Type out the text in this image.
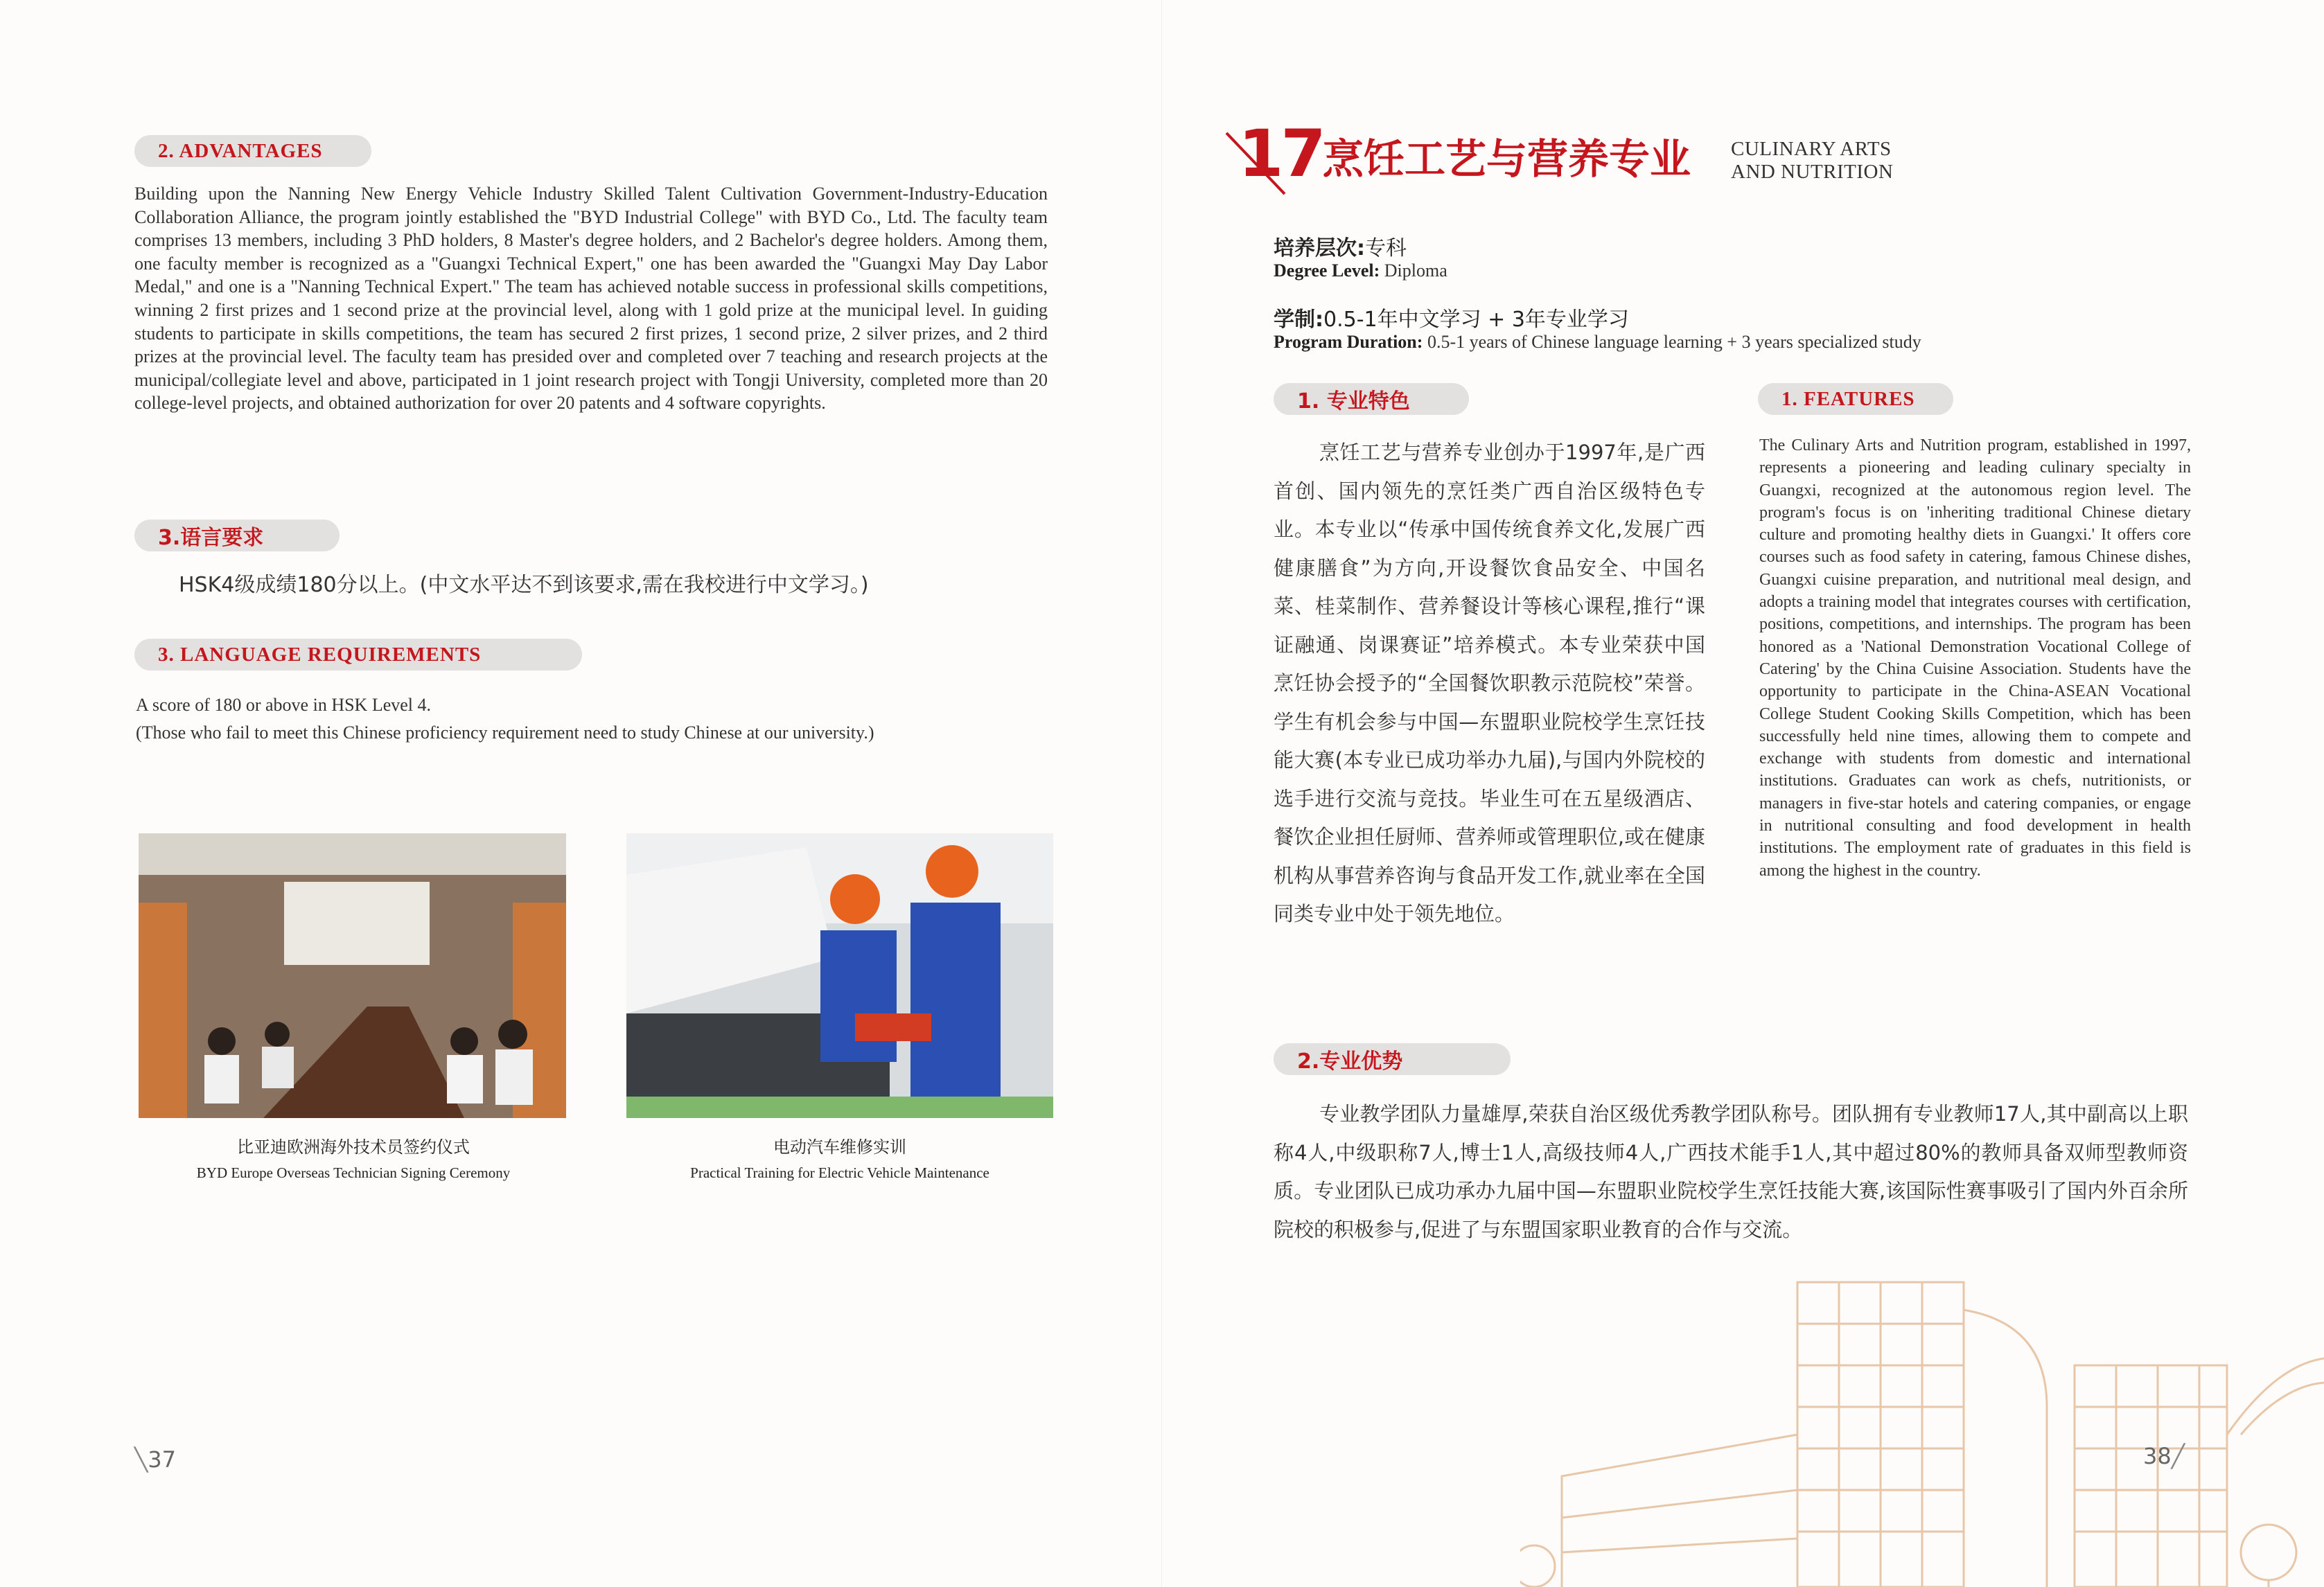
2. ADVANTAGES

Building upon the Nanning New Energy Vehicle Industry Skilled Talent Cultivation Government-Industry-Education Collaboration Alliance, the program jointly established the "BYD Industrial College" with BYD Co., Ltd. The faculty team comprises 13 members, including 3 PhD holders, 8 Master's degree holders, and 2 Bachelor's degree holders. Among them, one faculty member is recognized as a "Guangxi Technical Expert," one has been awarded the "Guangxi May Day Labor Medal," and one is a "Nanning Technical Expert." The team has achieved notable success in professional skills competitions, winning 2 first prizes and 1 second prize at the provincial level, along with 1 gold prize at the municipal level. In guiding students to participate in skills competitions, the team has secured 2 first prizes, 1 second prize, 2 silver prizes, and 2 third prizes at the provincial level. The faculty team has presided over and completed over 7 teaching and research projects at the municipal/collegiate level and above, participated in 1 joint research project with Tongji University, completed more than 20 college-level projects, and obtained authorization for over 20 patents and 4 software copyrights.

3.语言要求

HSK4级成绩180分以上。(中文水平达不到该要求,需在我校进行中文学习。)

3. LANGUAGE REQUIREMENTS

A score of 180 or above in HSK Level 4.

(Those who fail to meet this Chinese proficiency requirement need to study Chinese at our university.)

比亚迪欧洲海外技术员签约仪式
BYD Europe Overseas Technician Signing Ceremony
电动汽车维修实训
Practical Training for Electric Vehicle Maintenance
╲37
17 烹饪工艺与营养专业 CULINARY ARTS
AND NUTRITION
培养层次:专科
Degree Level: Diploma
学制:0.5-1年中文学习 + 3年专业学习
Program Duration: 0.5-1 years of Chinese language learning + 3 years specialized study
1. 专业特色	1. FEATURES

烹饪工艺与营养专业创办于1997年,是广西首创、国内领先的烹饪类广西自治区级特色专业。本专业以“传承中国传统食养文化,发展广西健康膳食”为方向,开设餐饮食品安全、中国名菜、桂菜制作、营养餐设计等核心课程,推行“课证融通、岗课赛证”培养模式。本专业荣获中国烹饪协会授予的“全国餐饮职教示范院校”荣誉。学生有机会参与中国—东盟职业院校学生烹饪技能大赛(本专业已成功举办九届),与国内外院校的选手进行交流与竞技。毕业生可在五星级酒店、餐饮企业担任厨师、营养师或管理职位,或在健康机构从事营养咨询与食品开发工作,就业率在全国同类专业中处于领先地位。

The Culinary Arts and Nutrition program, established in 1997, represents a pioneering and leading culinary specialty in Guangxi, recognized at the autonomous region level. The program's focus is on 'inheriting traditional Chinese dietary culture and promoting healthy diets in Guangxi.' It offers core courses such as food safety in catering, famous Chinese dishes, Guangxi cuisine preparation, and nutritional meal design, and adopts a training model that integrates courses with certification, positions, competitions, and internships. The program has been honored as a 'National Demonstration Vocational College of Catering' by the China Cuisine Association. Students have the opportunity to participate in the China-ASEAN Vocational College Student Cooking Skills Competition, which has been successfully held nine times, allowing them to compete and exchange with students from domestic and international institutions. Graduates can work as chefs, nutritionists, or managers in five-star hotels and catering companies, or engage in nutritional consulting and food development in health institutions. The employment rate of graduates in this field is among the highest in the country.

2.专业优势

专业教学团队力量雄厚,荣获自治区级优秀教学团队称号。团队拥有专业教师17人,其中副高以上职称4人,中级职称7人,博士1人,高级技师4人,广西技术能手1人,其中超过80%的教师具备双师型教师资质。专业团队已成功承办九届中国—东盟职业院校学生烹饪技能大赛,该国际性赛事吸引了国内外百余所院校的积极参与,促进了与东盟国家职业教育的合作与交流。

38╱
